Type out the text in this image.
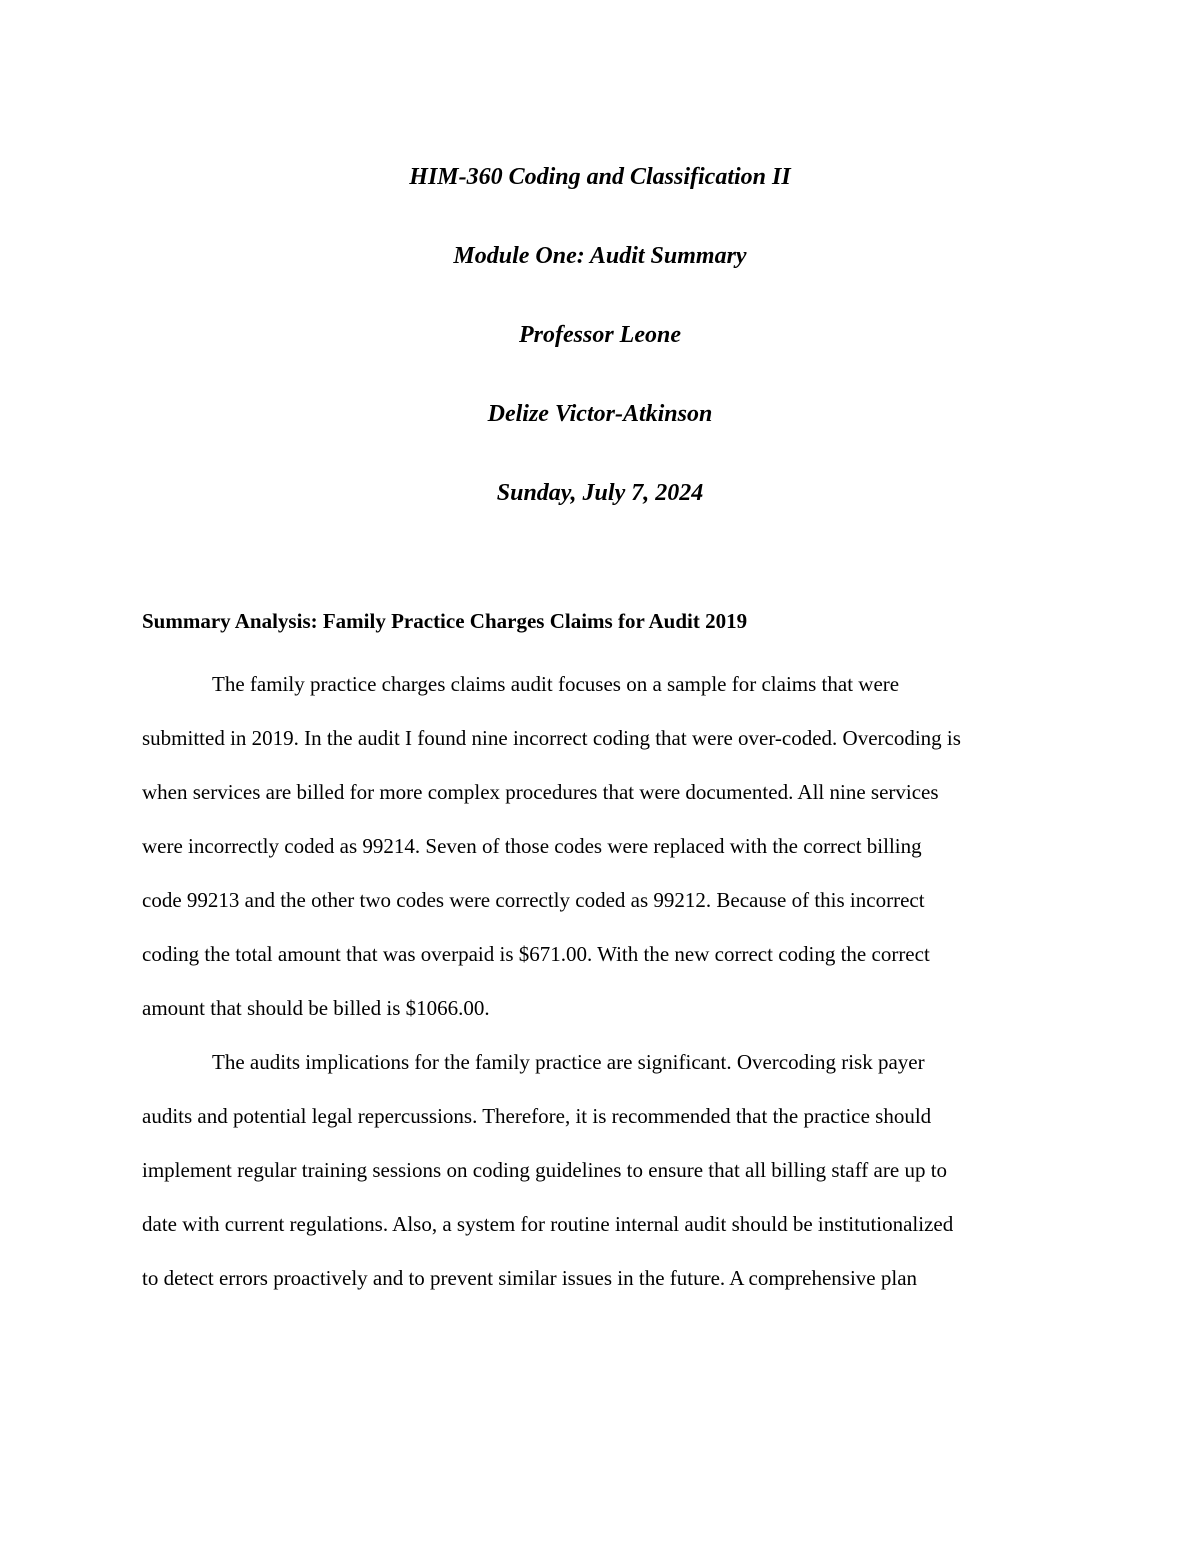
HIM-360 Coding and Classification II
Module One: Audit Summary
Professor Leone
Delize Victor-Atkinson
Sunday, July 7, 2024
Summary Analysis: Family Practice Charges Claims for Audit 2019
The family practice charges claims audit focuses on a sample for claims that were
submitted in 2019. In the audit I found nine incorrect coding that were over-coded. Overcoding is
when services are billed for more complex procedures that were documented. All nine services
were incorrectly coded as 99214. Seven of those codes were replaced with the correct billing
code 99213 and the other two codes were correctly coded as 99212. Because of this incorrect
coding the total amount that was overpaid is $671.00. With the new correct coding the correct
amount that should be billed is $1066.00.
The audits implications for the family practice are significant. Overcoding risk payer
audits and potential legal repercussions. Therefore, it is recommended that the practice should
implement regular training sessions on coding guidelines to ensure that all billing staff are up to
date with current regulations. Also, a system for routine internal audit should be institutionalized
to detect errors proactively and to prevent similar issues in the future. A comprehensive plan
